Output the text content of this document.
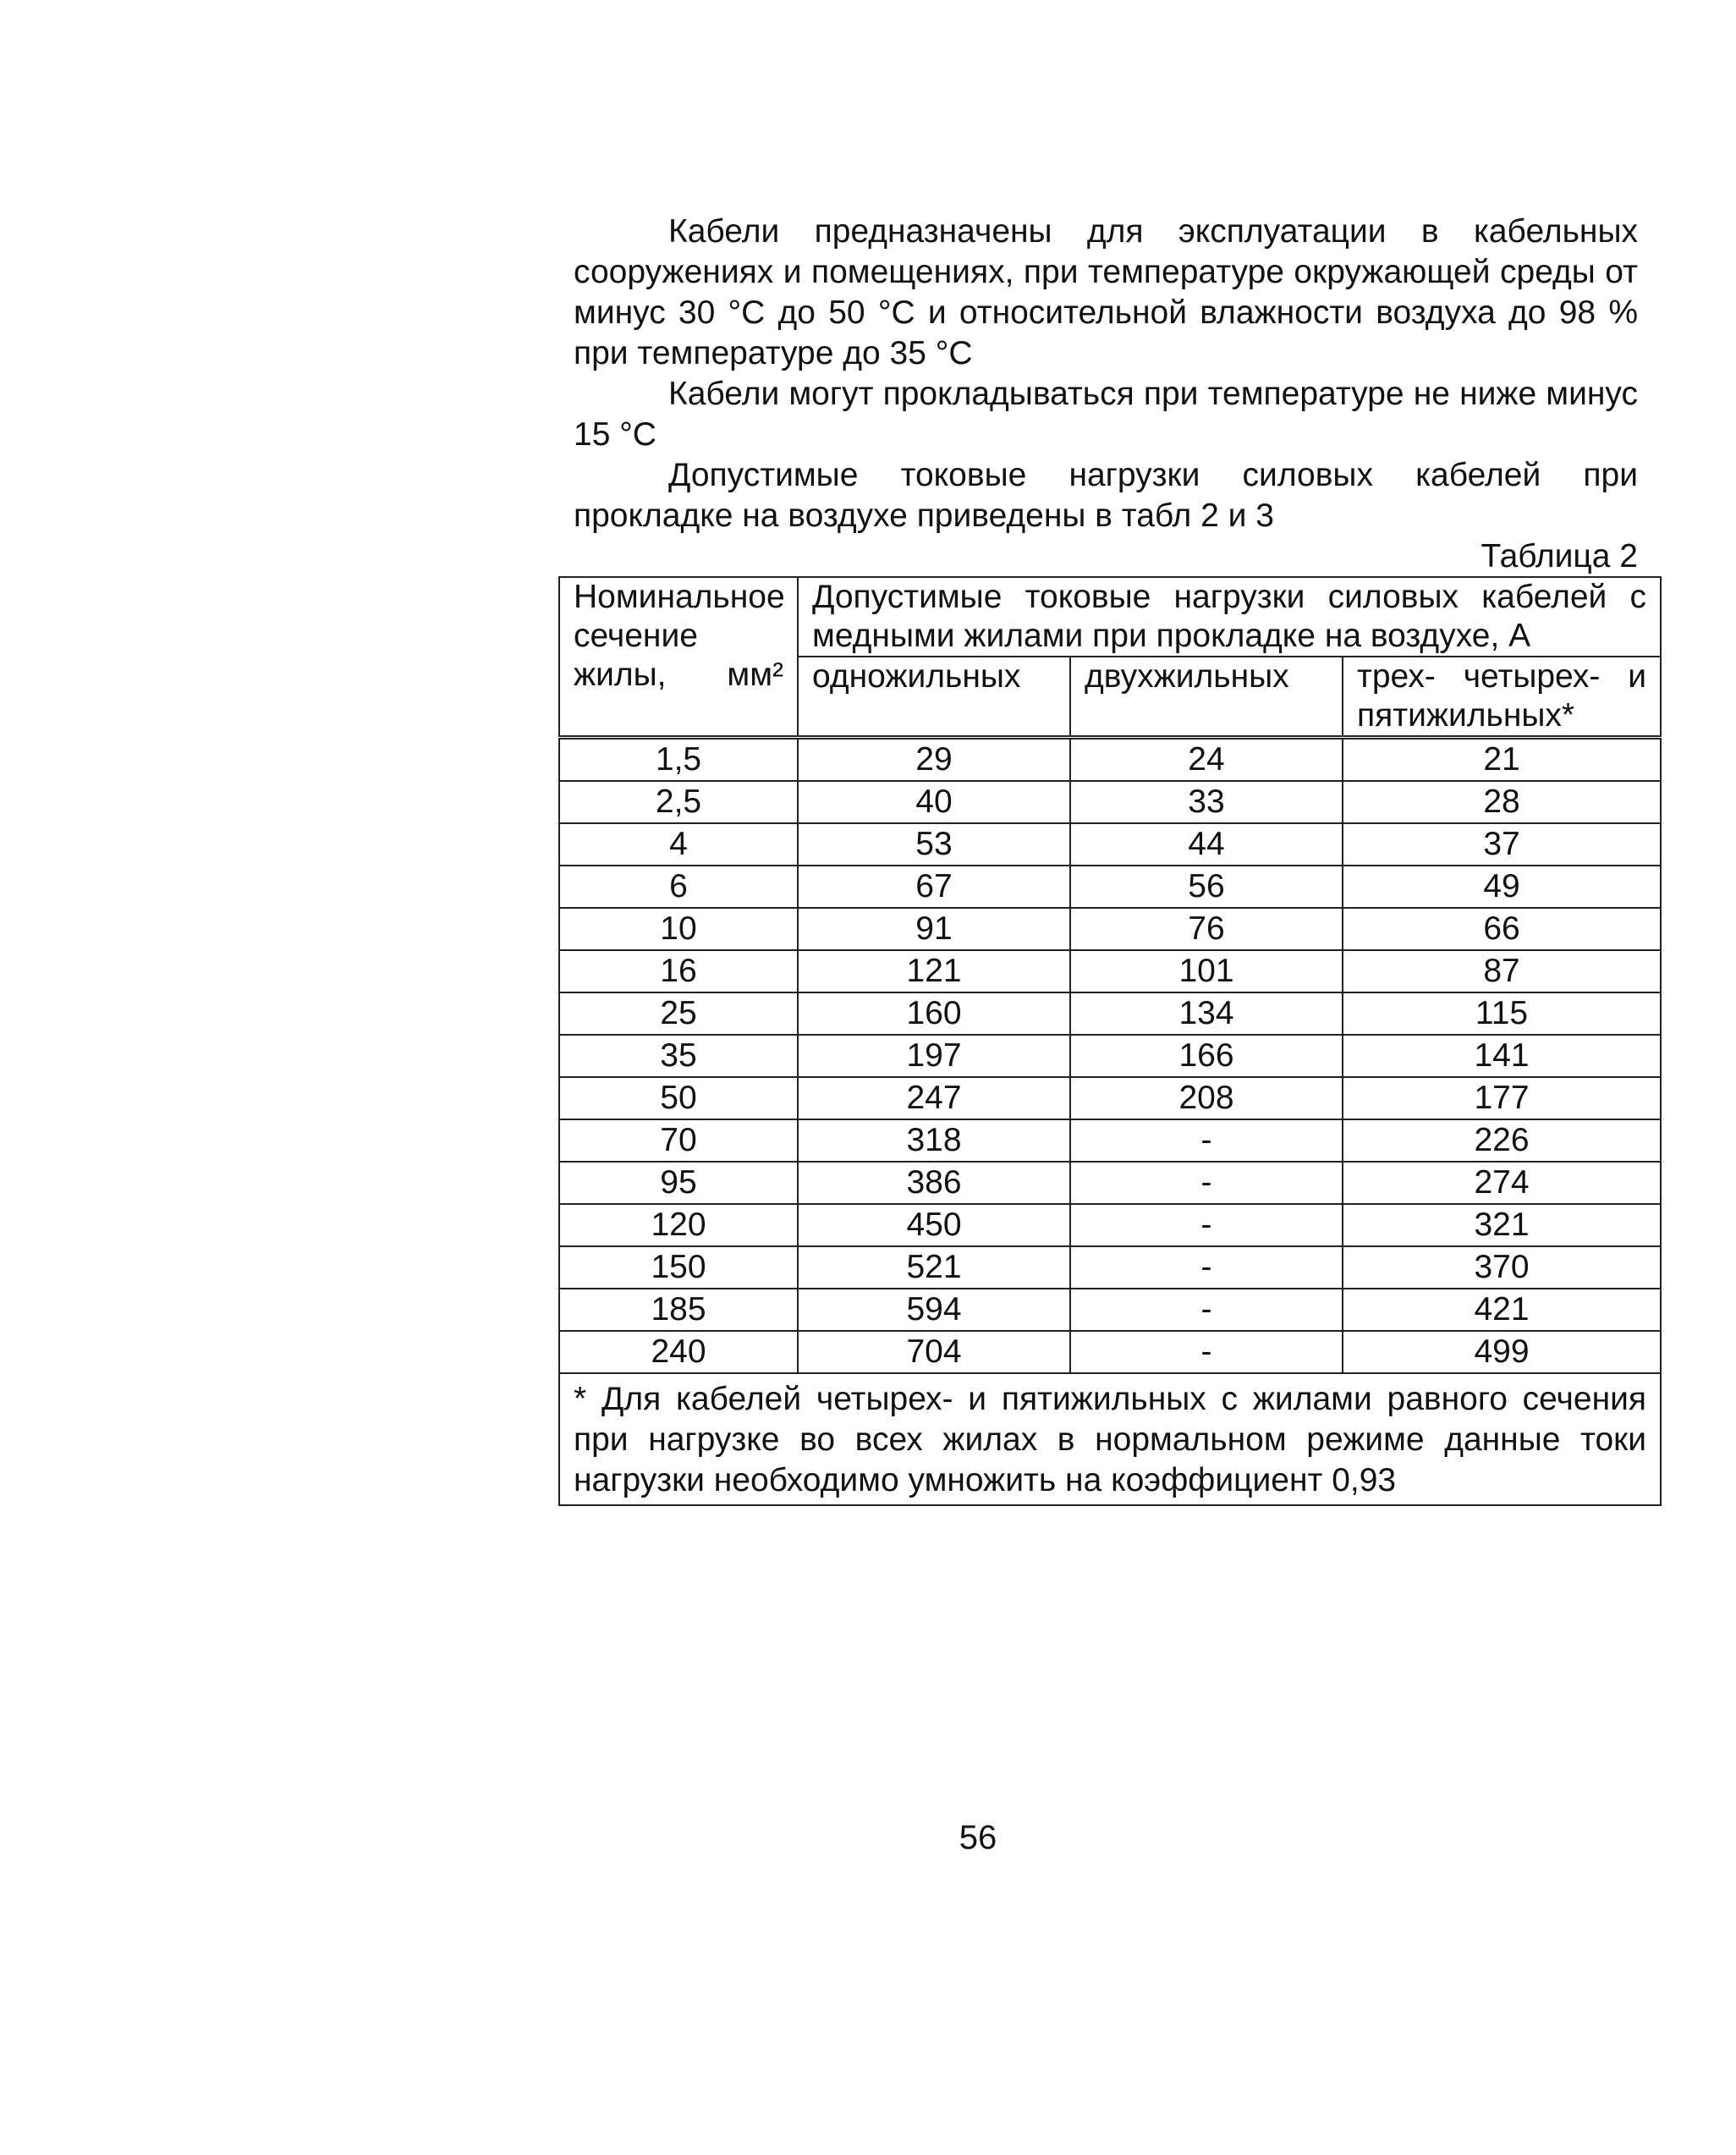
Кабели предназначены для эксплуатации в кабельных сооружениях и помещениях, при температуре окружающей среды от минус 30 °С до 50 °С и относительной влажности воздуха до 98 % при температуре до 35 °С

Кабели могут прокладываться при температуре не ниже минус 15 °С

Допустимые токовые нагрузки силовых кабелей при прокладке на воздухе приведены в табл 2 и 3

Таблица 2
Номинальное сечение жилы, мм²	Допустимые токовые нагрузки силовых кабелей с медными жилами при прокладке на воздухе, А		
	одножильных	двухжильных	трех- четырех- и пятижильных*
1,5	29	24	21
2,5	40	33	28
4	53	44	37
6	67	56	49
10	91	76	66
16	121	101	87
25	160	134	115
35	197	166	141
50	247	208	177
70	318	-	226
95	386	-	274
120	450	-	321
150	521	-	370
185	594	-	421
240	704	-	499
* Для кабелей четырех- и пятижильных с жилами равного сечения при нагрузке во всех жилах в нормальном режиме данные токи нагрузки необходимо умножить на коэффициент 0,93			
56
